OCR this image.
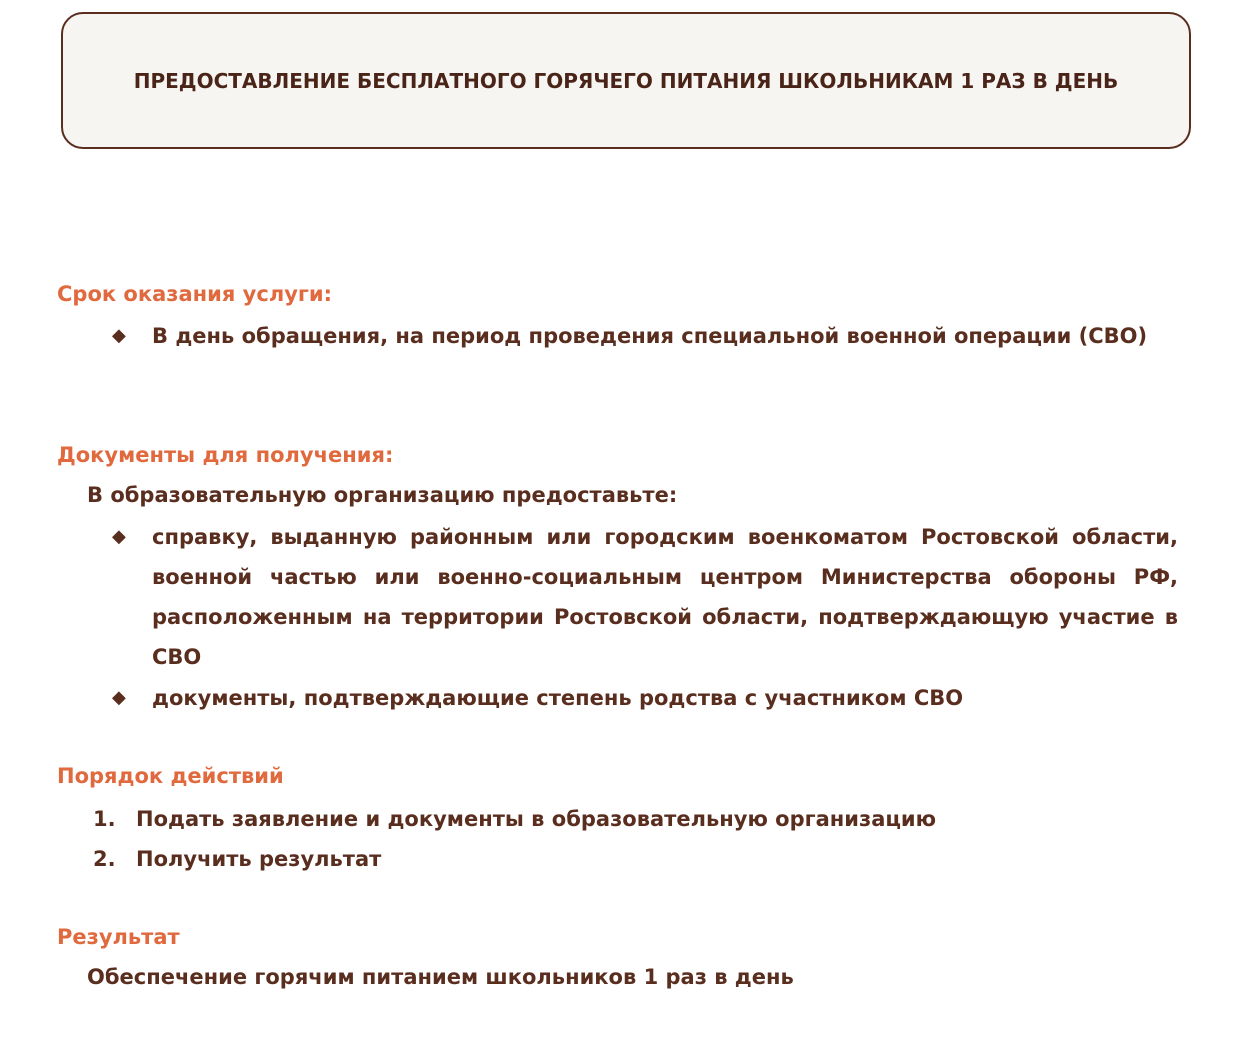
ПРЕДОСТАВЛЕНИЕ БЕСПЛАТНОГО ГОРЯЧЕГО ПИТАНИЯ ШКОЛЬНИКАМ 1 РАЗ В ДЕНЬ
Срок оказания услуги:
◆	В день обращения, на период проведения специальной военной операции (СВО)
Документы для получения:
В образовательную организацию предоставьте:
◆	справку, выданную районным или городским военкоматом Ростовской области, военной частью или военно-социальным центром Министерства обороны РФ, расположенным на территории Ростовской области, подтверждающую участие в СВО
◆	документы, подтверждающие степень родства с участником СВО
Порядок действий
1. Подать заявление и документы в образовательную организацию
2. Получить результат
Результат
Обеспечение горячим питанием школьников 1 раз в день
